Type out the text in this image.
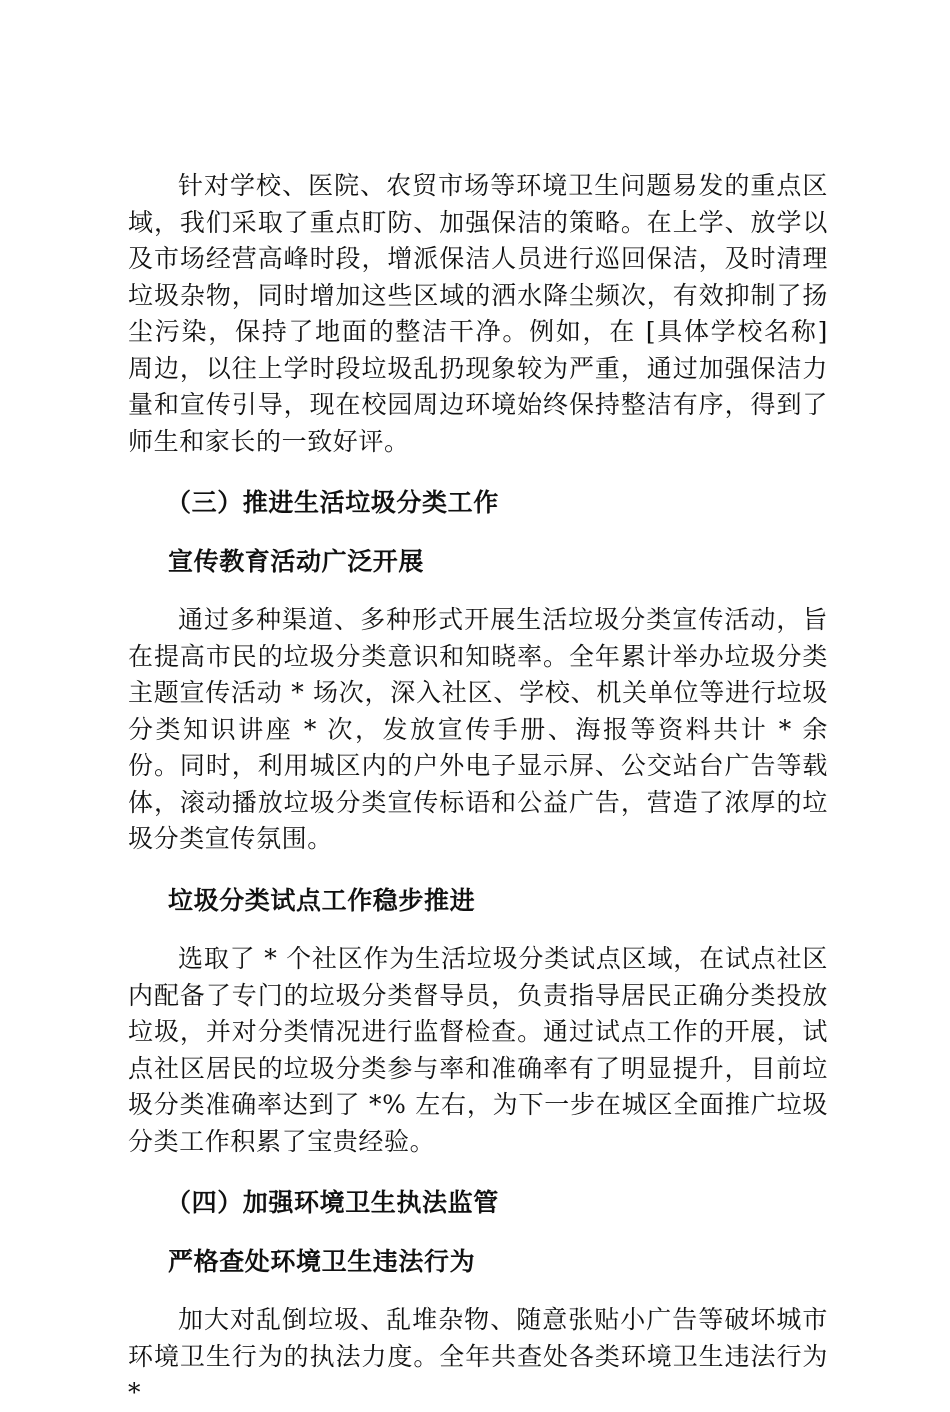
针对学校、医院、农贸市场等环境卫生问题易发的重点区域，我们采取了重点盯防、加强保洁的策略。在上学、放学以及市场经营高峰时段，增派保洁人员进行巡回保洁，及时清理垃圾杂物，同时增加这些区域的洒水降尘频次，有效抑制了扬尘污染，保持了地面的整洁干净。例如，在 [具体学校名称] 周边，以往上学时段垃圾乱扔现象较为严重，通过加强保洁力量和宣传引导，现在校园周边环境始终保持整洁有序，得到了师生和家长的一致好评。

（三）推进生活垃圾分类工作

宣传教育活动广泛开展

通过多种渠道、多种形式开展生活垃圾分类宣传活动，旨在提高市民的垃圾分类意识和知晓率。全年累计举办垃圾分类主题宣传活动 * 场次，深入社区、学校、机关单位等进行垃圾分类知识讲座 * 次，发放宣传手册、海报等资料共计 * 余份。同时，利用城区内的户外电子显示屏、公交站台广告等载体，滚动播放垃圾分类宣传标语和公益广告，营造了浓厚的垃圾分类宣传氛围。

垃圾分类试点工作稳步推进

选取了 * 个社区作为生活垃圾分类试点区域，在试点社区内配备了专门的垃圾分类督导员，负责指导居民正确分类投放垃圾，并对分类情况进行监督检查。通过试点工作的开展，试点社区居民的垃圾分类参与率和准确率有了明显提升，目前垃圾分类准确率达到了 *% 左右，为下一步在城区全面推广垃圾分类工作积累了宝贵经验。

（四）加强环境卫生执法监管

严格查处环境卫生违法行为

加大对乱倒垃圾、乱堆杂物、随意张贴小广告等破坏城市环境卫生行为的执法力度。全年共查处各类环境卫生违法行为 *
